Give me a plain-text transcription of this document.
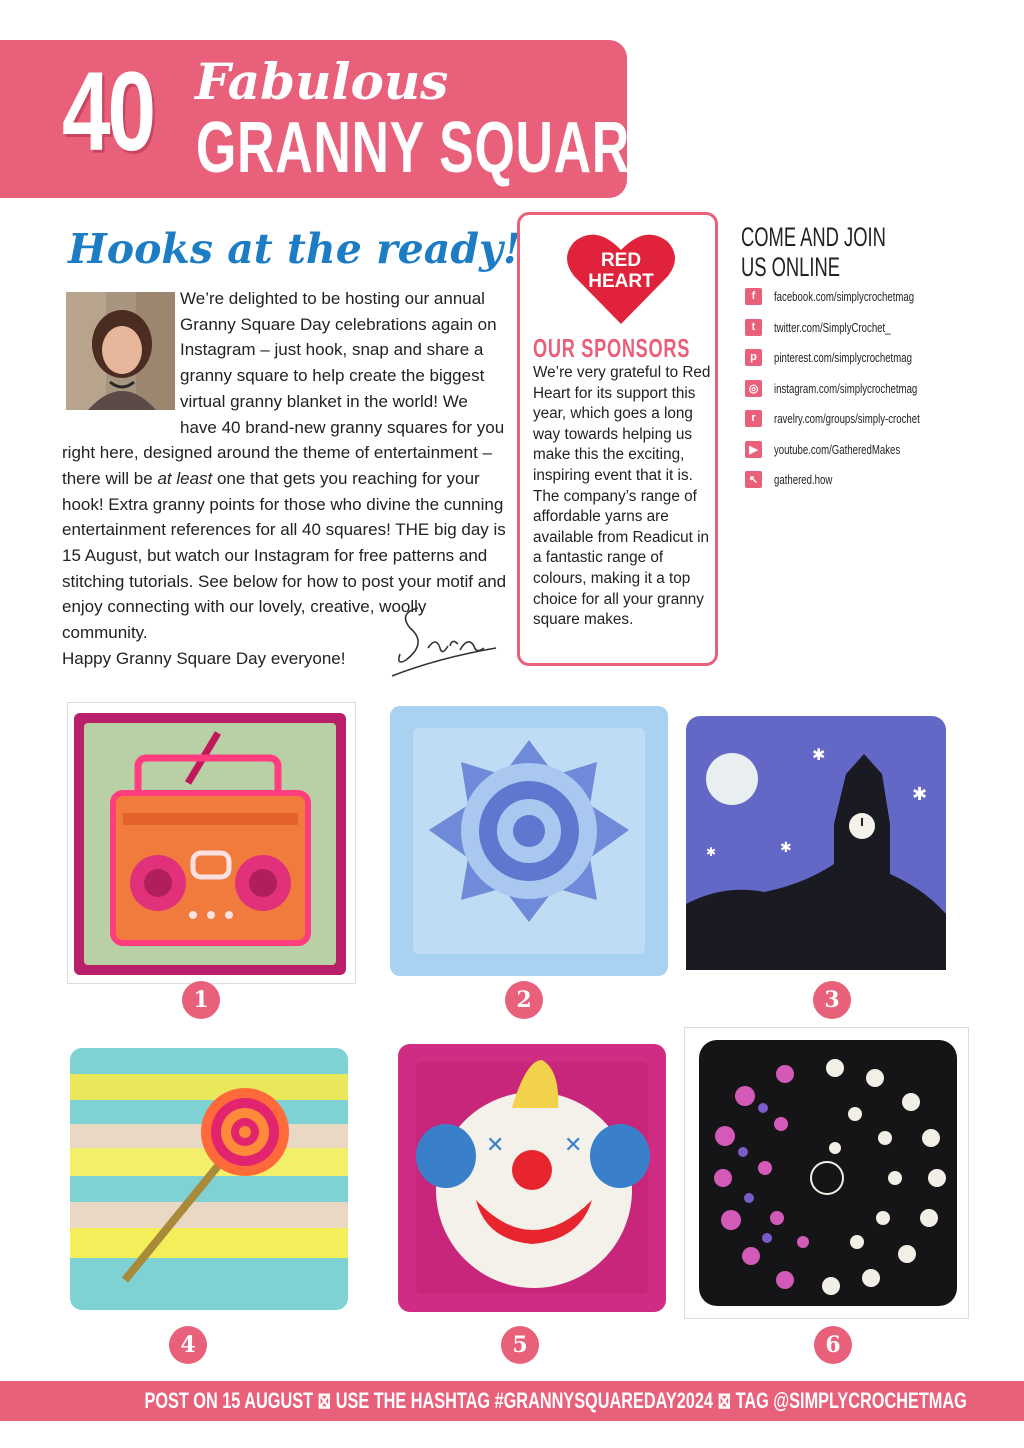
40 Fabulous
GRANNY SQUARES
Hooks at the ready!
We’re delighted to be hosting our annual Granny Square Day celebrations again on Instagram – just hook, snap and share a granny square to help create the biggest virtual granny blanket in the world! We have 40 brand-new granny squares for you right here, designed around the theme of entertainment – there will be at least one that gets you reaching for your hook! Extra granny points for those who divine the cunning entertainment references for all 40 squares! THE big day is 15 August, but watch our Instagram for free patterns and stitching tutorials. See below for how to post your motif and enjoy connecting with our lovely, creative, woolly community.
Happy Granny Square Day everyone!
RED
HEART
OUR SPONSORS
We’re very grateful to Red Heart for its support this year, which goes a long way towards helping us make this the exciting, inspiring event that it is. The company’s range of affordable yarns are available from Readicut in a fantastic range of colours, making it a top choice for all your granny square makes.
COME AND JOIN
US ONLINE
f	facebook.com/simplycrochetmag
t	twitter.com/SimplyCrochet_
p	pinterest.com/simplycrochetmag
◎ instagram.com/simplycrochetmag
r	ravelry.com/groups/simply-crochet
▶	youtube.com/GatheredMakes
↖ gathered.how
1	2
✱
✱
✱
✱
3
4
✕	✕
5	6
POST ON 15 AUGUST ⊠ USE THE HASHTAG #GRANNYSQUAREDAY2024 ⊠ TAG @SIMPLYCROCHETMAG
